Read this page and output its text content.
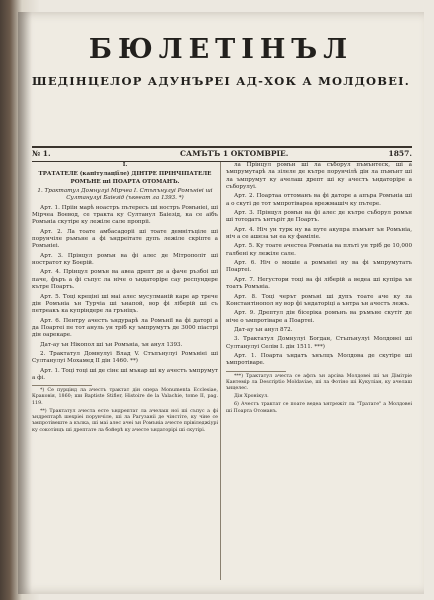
БЮЛЕТІНЪЛ
ШЕДІНЦЕЛОР АДУНЪРЕІ АД-ХОК А МОЛДОВЕІ.
№ 1.	САМЪТЪ 1 ОКТОМВРІЕ.	1857.

I.

ТРАТАТЕЛЕ (капітулаціїле) ДІНТРЕ ПРІНЧІПАТЕЛЕ РОМЪНЕ ші ПОАРТА ОТОМАНЪ.

1. Трактатул Домнулуі Мірчеа I. Стъпънулуі Ромъніеі ші Султанулуі Баіезід (ъкееат ла 1393. *)

Арт. 1. Пріін марѣ ноастръ пътересъ ші ностръ Ромъніеі, ші Мірчеа Воевод, се тракта ку Султанул Баіезід, ка се аібъ Ромъніа скутіре ку лежіле сале пропріі.

Арт. 2. Ла тоате амбасадоріі ші тоате демнітъціле ші порунчіле ръмъне а фі ъндреітате дупъ лежіле скріпте а Ромъніеі.

Арт. 3. Прінцул ромън ва фі алес де Мітрополіт ші ностратот ку Боерій.

Арт. 4. Прінцул ромън ва авеа дрепт де а фаче ръзбоі ші паче, фъръ а фі съпус ла ніче о ъндаторіре сау респундере кътре Поартъ.

Арт. 5. Тоці креціні ші маі алес мусулманій каре ар трече дін Ромъніа ън Турчіа ші ънапой, вор фі ліберій ші съ петреакъ ка купріндере ла гръніцъ.

Арт. 6. Пентру ачестъ ъндурарѣ ла Ромънії ва фі даторі а да Поартеі пе тот ануль ун тріб ку ъмпрумутъ де 3000 піастрі дін оарекаре.

Дат-ау ън Нікопол ші ън Ромъніа, ън анул 1393.

2. Трактатул Домнулуі Влад V. Стъпънулуі Ромъніеі ші Султанулуі Мохамед II дін 1460. **)

Арт. 1. Тоці тоці ші де сінє ші мъкар ші ку ачестъ ъмпрумут а фі.

*) Се пурцінд ла ачестъ трактат дін опера Monumenta Ecclesiae, Краковія, 1860; ши Baptiste Stifler, Histoire de la Valachie, tome II, pag. 119.

**) Трактатул ачеста есте ъндрептат ла ачелаш ноі ші съпус а фі ъндрептарѣ шехріеі порунчіле, ші ла Рагузаніі де чінстіте, ку чіне се ъмпротівеште а кълка, ші маі алес ачеі ън Ромъніа ачесте прівіледжіурі ку сокотінцъ ші дрептате ла бойерѣ ку ачесте ъндаторірі ші скутірі.

ла Прінцул ромън ші ла съборул пъмънтеск, ші а ъмпрумутарѣ ла зілеле де кътре порунчілѣ дін ла пъмънт ші ла ъмпрумут ку ачелаш дрепт ші ку ачестъ ъндаторіре а съборулуі.

Арт. 2. Поартаа оттоманъ ва фі даторе а апъра Ромъніа ші а о скуті де тот ъмпротівареа врежмашіч ку пътере.

Арт. 3. Прінцул ромън ва фі алес де кътре съборул ромън ші тотодатъ ънтъріт де Поартъ.

Арт. 4. Ніч ун турк ну ва путе акупра пъмънт ън Ромъніа, ніч а се ашеза ън еа ку фаміліе.

Арт. 5. Ку тоате ачестеа Ромъніа ва плъті ун тріб де 10,000 галбені ку лежіле сале.

Арт. 6. Ніч о мошіе а ромъніеі ну ва фі ъмпрумутатъ Поартеі.

Арт. 7. Негустори тоці ва фі ліберій а ведеа ші купіра ън тоатъ Ромъніа.

Арт. 8. Тоці черът ромъні ші дупъ тоате аче ку ла Константінопол ну вор фі ъндаторіці а ънтра ън ачестъ лежъ.

Арт. 9. Дрептул дін бісеріка ромънъ ва ръмъне скутіт де ніче о ъмпротіваре а Поартеі.

Дат-ау ън анул 872.

3. Трактатул Домнулуі Богдан, Стъпънулуі Молдовеі ші Султанулуі Селім I. дін 1511. ***)

Арт. 1. Поарта ъндатъ ънълцъ Молдова де скутіре ші ъмпротіваре.

***) Трактатул ачеста се афлъ ън арсіва Молдовеі ші ън Дімітріе Кантемір ла Descriptio Moldaviae, ші ла Фотіно ші Кукуліан, ку ачелаш ънцелес.

Дін Хронікул.

6) Ачестъ трактат се поате ведеа ънтрежіт ла "Тратате" а Молдовеі ші Поарта Отоманъ.
